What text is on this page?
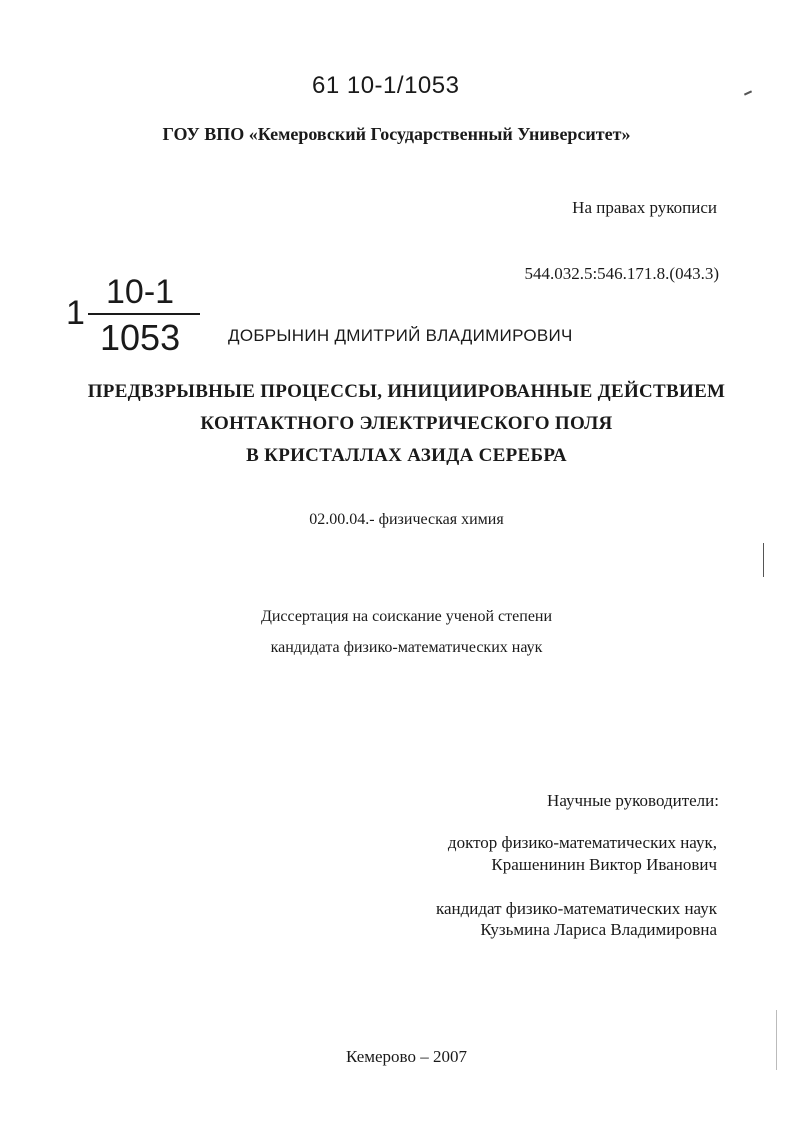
61 10-1/1053
ГОУ ВПО «Кемеровский Государственный Университет»
На правах рукописи
544.032.5:546.171.8.(043.3)
1
10-1
1053	ДОБРЫНИН ДМИТРИЙ ВЛАДИМИРОВИЧ
ПРЕДВЗРЫВНЫЕ ПРОЦЕССЫ, ИНИЦИИРОВАННЫЕ ДЕЙСТВИЕМ
КОНТАКТНОГО ЭЛЕКТРИЧЕСКОГО ПОЛЯ
В КРИСТАЛЛАХ АЗИДА СЕРЕБРА
02.00.04.- физическая химия
Диссертация на соискание ученой степени
кандидата физико-математических наук
Научные руководители:
доктор физико-математических наук,
Крашенинин Виктор Иванович
кандидат физико-математических наук
Кузьмина Лариса Владимировна
Кемерово – 2007
